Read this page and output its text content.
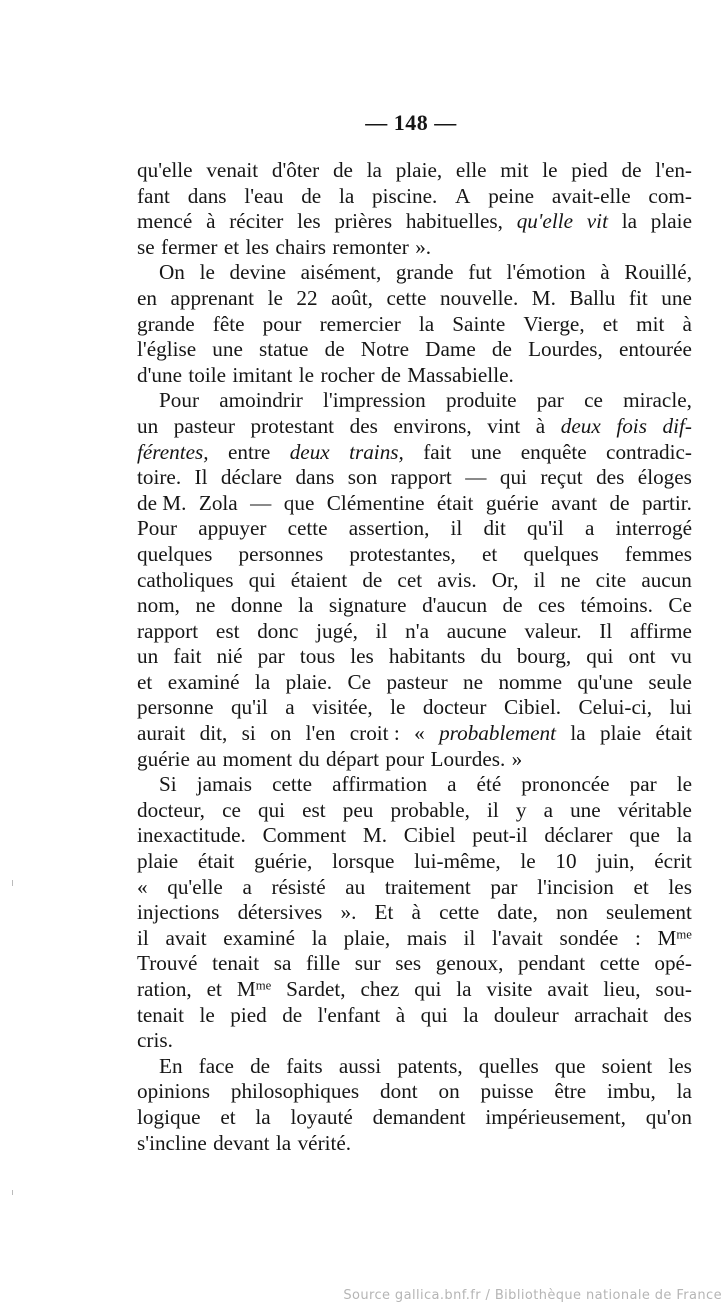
— 148 —
qu'elle venait d'ôter de la plaie, elle mit le pied de l'en-
fant dans l'eau de la piscine. A peine avait-elle com-
mencé à réciter les prières habituelles, qu'elle vit la plaie
se fermer et les chairs remonter ».
On le devine aisément, grande fut l'émotion à Rouillé,
en apprenant le 22 août, cette nouvelle. M. Ballu fit une
grande fête pour remercier la Sainte Vierge, et mit à
l'église une statue de Notre Dame de Lourdes, entourée
d'une toile imitant le rocher de Massabielle.
Pour amoindrir l'impression produite par ce miracle,
un pasteur protestant des environs, vint à deux fois dif-
férentes, entre deux trains, fait une enquête contradic-
toire. Il déclare dans son rapport — qui reçut des éloges
de M. Zola — que Clémentine était guérie avant de partir.
Pour appuyer cette assertion, il dit qu'il a interrogé
quelques personnes protestantes, et quelques femmes
catholiques qui étaient de cet avis. Or, il ne cite aucun
nom, ne donne la signature d'aucun de ces témoins. Ce
rapport est donc jugé, il n'a aucune valeur. Il affirme
un fait nié par tous les habitants du bourg, qui ont vu
et examiné la plaie. Ce pasteur ne nomme qu'une seule
personne qu'il a visitée, le docteur Cibiel. Celui-ci, lui
aurait dit, si on l'en croit : « probablement la plaie était
guérie au moment du départ pour Lourdes. »
Si jamais cette affirmation a été prononcée par le
docteur, ce qui est peu probable, il y a une véritable
inexactitude. Comment M. Cibiel peut-il déclarer que la
plaie était guérie, lorsque lui-même, le 10 juin, écrit
« qu'elle a résisté au traitement par l'incision et les
injections détersives ». Et à cette date, non seulement
il avait examiné la plaie, mais il l'avait sondée : $M^{me}$
Trouvé tenait sa fille sur ses genoux, pendant cette opé-
ration, et $M^{me}$ Sardet, chez qui la visite avait lieu, sou-
tenait le pied de l'enfant à qui la douleur arrachait des
cris.
En face de faits aussi patents, quelles que soient les
opinions philosophiques dont on puisse être imbu, la
logique et la loyauté demandent impérieusement, qu'on
s'incline devant la vérité.
Source gallica.bnf.fr / Bibliothèque nationale de France
